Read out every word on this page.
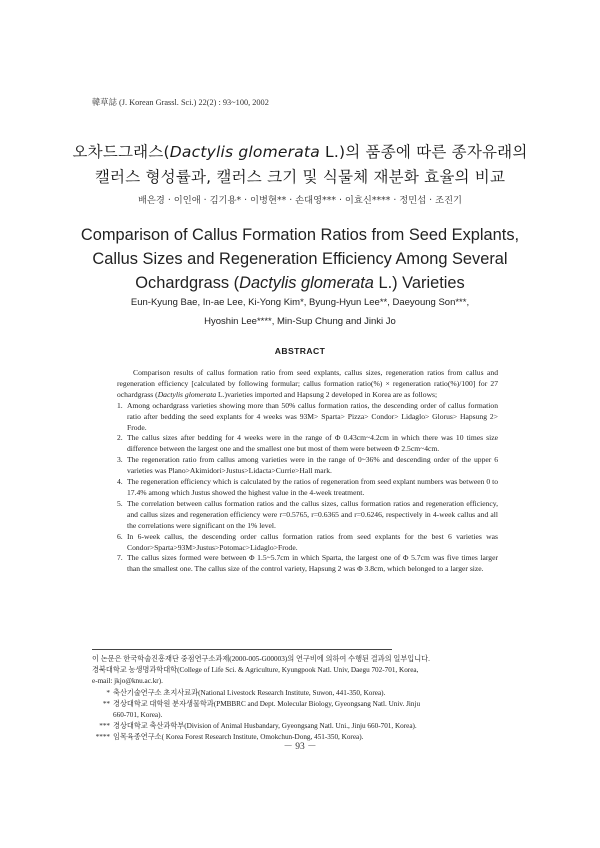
韓草誌 (J. Korean Grassl. Sci.) 22(2) : 93~100, 2002
오차드그래스(Dactylis glomerata L.)의 품종에 따른 종자유래의
캘러스 형성률과, 캘러스 크기 및 식물체 재분화 효율의 비교
배은경 · 이인애 · 김기용* · 이병현** · 손대영*** · 이효신**** · 정민섭 · 조진기
Comparison of Callus Formation Ratios from Seed Explants,
Callus Sizes and Regeneration Efficiency Among Several
Ochardgrass (Dactylis glomerata L.) Varieties
Eun-Kyung Bae, In-ae Lee, Ki-Yong Kim*, Byung-Hyun Lee**, Daeyoung Son***,
Hyoshin Lee****, Min-Sup Chung and Jinki Jo
ABSTRACT

Comparison results of callus formation ratio from seed explants, callus sizes, regeneration ratios from callus and regeneration efficiency [calculated by following formular; callus formation ratio(%) × regeneration ratio(%)/100] for 27 ochardgrass (Dactylis glomerata L.)varieties imported and Hapsung 2 developed in Korea are as follows;

1. Among ochardgrass varieties showing more than 50% callus formation ratios, the descending order of callus formation ratio after bedding the seed explants for 4 weeks was 93M> Sparta> Pizza> Condor> Lidaglo> Glorus> Hapsung 2> Frode.
2. The callus sizes after bedding for 4 weeks were in the range of Φ 0.43cm~4.2cm in which there was 10 times size difference between the largest one and the smallest one but most of them were between Φ 2.5cm~4cm.
3. The regeneration ratio from callus among varieties were in the range of 0~36% and descending order of the upper 6 varieties was Plano>Akimidori>Justus>Lidacta>Currie>Hall mark.
4. The regeneration efficiency which is calculated by the ratios of regeneration from seed explant numbers was between 0 to 17.4% among which Justus showed the highest value in the 4-week treatment.
5. The correlation between callus formation ratios and the callus sizes, callus formation ratios and regeneration efficiency, and callus sizes and regeneration efficiency were r=0.5765, r=0.6365 and r=0.6246, respectively in 4-week callus and all the correlations were significant on the 1% level.
6. In 6-week callus, the descending order callus formation ratios from seed explants for the best 6 varieties was Condor>Sparta>93M>Justus>Potomac>Lidaglo>Frode.
7. The callus sizes formed were between Φ 1.5~5.7cm in which Sparta, the largest one of Φ 5.7cm was five times larger than the smallest one. The callus size of the control variety, Hapsung 2 was Φ 3.8cm, which belonged to a larger size.
이 논문은 한국학술진흥재단 중점연구소과제(2000-005-G00003)의 연구비에 의하여 수행된 결과의 일부입니다.
경북대학교 농생명과학대학(College of Life Sci. & Agriculture, Kyungpook Natl. Univ, Daegu 702-701, Korea,
e-mail: jkjo@knu.ac.kr).
* 축산기술연구소 초지사료과(National Livestock Research Institute, Suwon, 441-350, Korea).
** 경상대학교 대학원 분자생물학과(PMBBRC and Dept. Molecular Biology, Gyeongsang Natl. Univ. Jinju
660-701, Korea).
*** 경상대학교 축산과학부(Division of Animal Husbandary, Gyeongsang Natl. Uni., Jinju 660-701, Korea).
**** 임목육종연구소( Korea Forest Research Institute, Omokchun-Dong, 451-350, Korea).
－ 93 －
